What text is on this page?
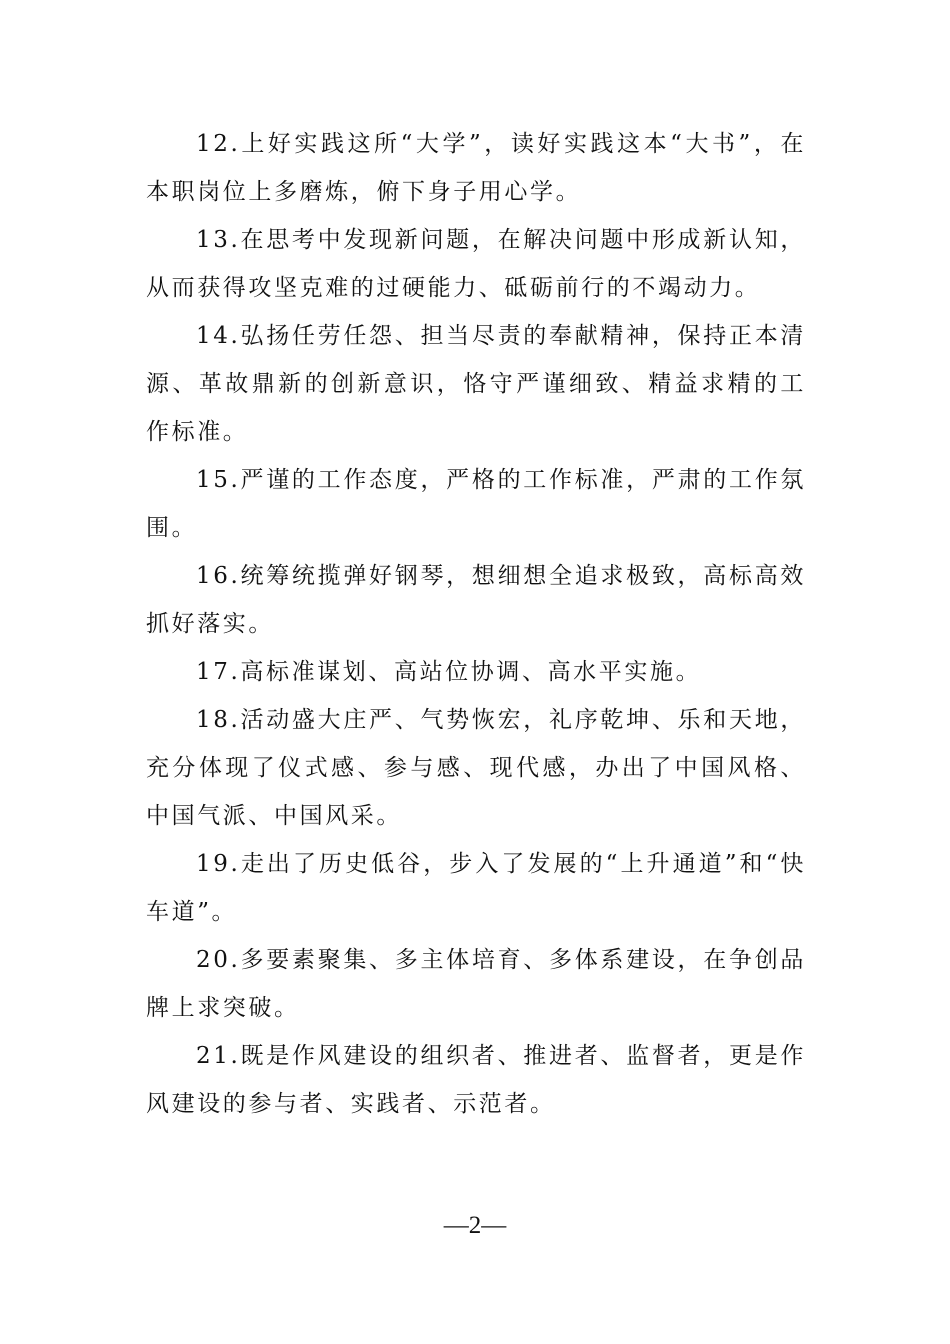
12.上好实践这所“大学”，读好实践这本“大书”，在本职岗位上多磨炼，俯下身子用心学。

13.在思考中发现新问题，在解决问题中形成新认知，从而获得攻坚克难的过硬能力、砥砺前行的不竭动力。

14.弘扬任劳任怨、担当尽责的奉献精神，保持正本清源、革故鼎新的创新意识，恪守严谨细致、精益求精的工作标准。

15.严谨的工作态度，严格的工作标准，严肃的工作氛围。

16.统筹统揽弹好钢琴，想细想全追求极致，高标高效抓好落实。

17.高标准谋划、高站位协调、高水平实施。

18.活动盛大庄严、气势恢宏，礼序乾坤、乐和天地，充分体现了仪式感、参与感、现代感，办出了中国风格、中国气派、中国风采。

19.走出了历史低谷，步入了发展的“上升通道”和“快车道”。

20.多要素聚集、多主体培育、多体系建设，在争创品牌上求突破。

21.既是作风建设的组织者、推进者、监督者，更是作风建设的参与者、实践者、示范者。

—2—
